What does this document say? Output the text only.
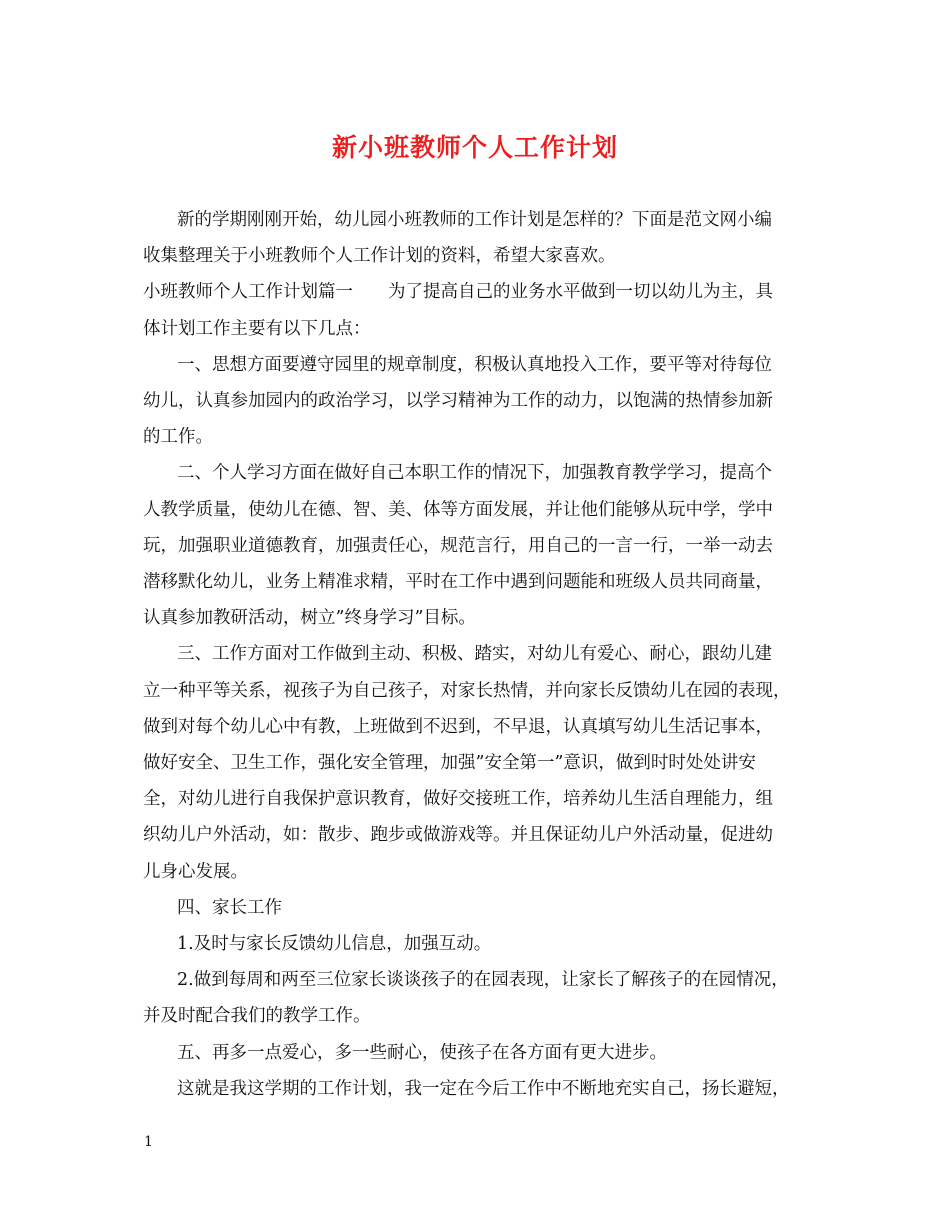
新小班教师个人工作计划

新的学期刚刚开始，幼儿园小班教师的工作计划是怎样的？下面是范文网小编

收集整理关于小班教师个人工作计划的资料，希望大家喜欢。

小班教师个人工作计划篇一　　为了提高自己的业务水平做到一切以幼儿为主，具

体计划工作主要有以下几点：

一、思想方面要遵守园里的规章制度，积极认真地投入工作，要平等对待每位

幼儿，认真参加园内的政治学习，以学习精神为工作的动力，以饱满的热情参加新

的工作。

二、个人学习方面在做好自己本职工作的情况下，加强教育教学学习，提高个

人教学质量，使幼儿在德、智、美、体等方面发展，并让他们能够从玩中学，学中

玩，加强职业道德教育，加强责任心，规范言行，用自己的一言一行，一举一动去

潜移默化幼儿，业务上精准求精，平时在工作中遇到问题能和班级人员共同商量，

认真参加教研活动，树立”终身学习”目标。

三、工作方面对工作做到主动、积极、踏实，对幼儿有爱心、耐心，跟幼儿建

立一种平等关系，视孩子为自己孩子，对家长热情，并向家长反馈幼儿在园的表现，

做到对每个幼儿心中有教，上班做到不迟到，不早退，认真填写幼儿生活记事本，

做好安全、卫生工作，强化安全管理，加强”安全第一”意识，做到时时处处讲安

全，对幼儿进行自我保护意识教育，做好交接班工作，培养幼儿生活自理能力，组

织幼儿户外活动，如：散步、跑步或做游戏等。并且保证幼儿户外活动量，促进幼

儿身心发展。

四、家长工作

1.及时与家长反馈幼儿信息，加强互动。

2.做到每周和两至三位家长谈谈孩子的在园表现，让家长了解孩子的在园情况，

并及时配合我们的教学工作。

五、再多一点爱心，多一些耐心，使孩子在各方面有更大进步。

这就是我这学期的工作计划，我一定在今后工作中不断地充实自己，扬长避短，

1
